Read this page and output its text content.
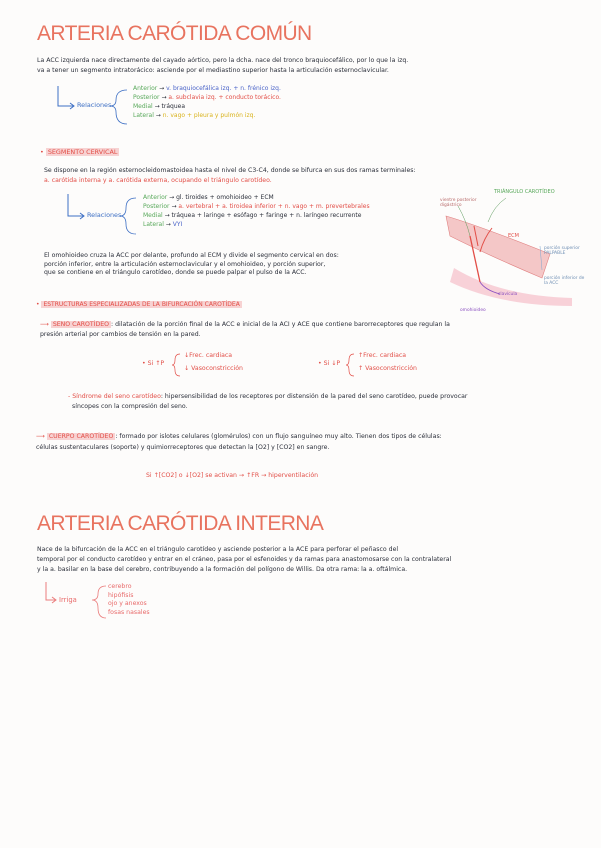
ARTERIA CARÓTIDA COMÚN
La ACC izquierda nace directamente del cayado aórtico, pero la dcha. nace del tronco braquiocefálico, por lo que la izq.
va a tener un segmento intratorácico: asciende por el mediastino superior hasta la articulación esternoclavicular.
Relaciones
Anterior → v. braquiocefálica izq. + n. frénico izq.
Posterior → a. subclavia izq. + conducto torácico.
Medial → tráquea
Lateral → n. vago + pleura y pulmón izq.
• SEGMENTO CERVICAL
Se dispone en la región esternocleidomastoidea hasta el nivel de C3-C4, donde se bifurca en sus dos ramas terminales:
a. carótida interna y a. carótida externa, ocupando el triángulo carotídeo.
Relaciones
Anterior → gl. tiroides + omohioideo + ECM
Posterior → a. vertebral + a. tiroidea inferior + n. vago + m. prevertebrales
Medial → tráquea + laringe + esófago + faringe + n. laríngeo recurrente
Lateral → VYI
El omohioideo cruza la ACC por delante, profundo al ECM y divide el segmento cervical en dos:
porción inferior, entre la articulación esternoclavicular y el omohioideo, y porción superior,
que se contiene en el triángulo carotídeo, donde se puede palpar el pulso de la ACC.
TRIÁNGULO CAROTÍDEO
vientre posterior digástrico
ECM
porción superior PALPABLE
porción inferior de la ACC
clavícula
omohioideo
• ESTRUCTURAS ESPECIALIZADAS DE LA BIFURCACIÓN CAROTÍDEA
⟶ SENO CAROTÍDEO : dilatación de la porción final de la ACC e inicial de la ACI y ACE que contiene barorreceptores que regulan la
presión arterial por cambios de tensión en la pared.
• Si ↑P
↓Frec. cardiaca
↓ Vasoconstricción
• Si ↓P
↑Frec. cardiaca
↑ Vasoconstricción
- Síndrome del seno carotídeo: hipersensibilidad de los receptores por distensión de la pared del seno carotídeo, puede provocar
síncopes con la compresión del seno.
⟶ CUERPO CAROTÍDEO : formado por islotes celulares (glomérulos) con un flujo sanguíneo muy alto. Tienen dos tipos de células:
células sustentaculares (soporte) y quimiorreceptores que detectan la [O2] y [CO2] en sangre.
Si ↑[CO2] o ↓[O2] se activan → ↑FR → hiperventilación
ARTERIA CARÓTIDA INTERNA
Nace de la bifurcación de la ACC en el triángulo carotídeo y asciende posterior a la ACE para perforar el peñasco del
temporal por el conducto carotídeo y entrar en el cráneo, pasa por el esfenoides y da ramas para anastomosarse con la contralateral
y la a. basilar en la base del cerebro, contribuyendo a la formación del polígono de Willis. Da otra rama: la a. oftálmica.
Irriga
cerebro
hipófisis
ojo y anexos
fosas nasales
